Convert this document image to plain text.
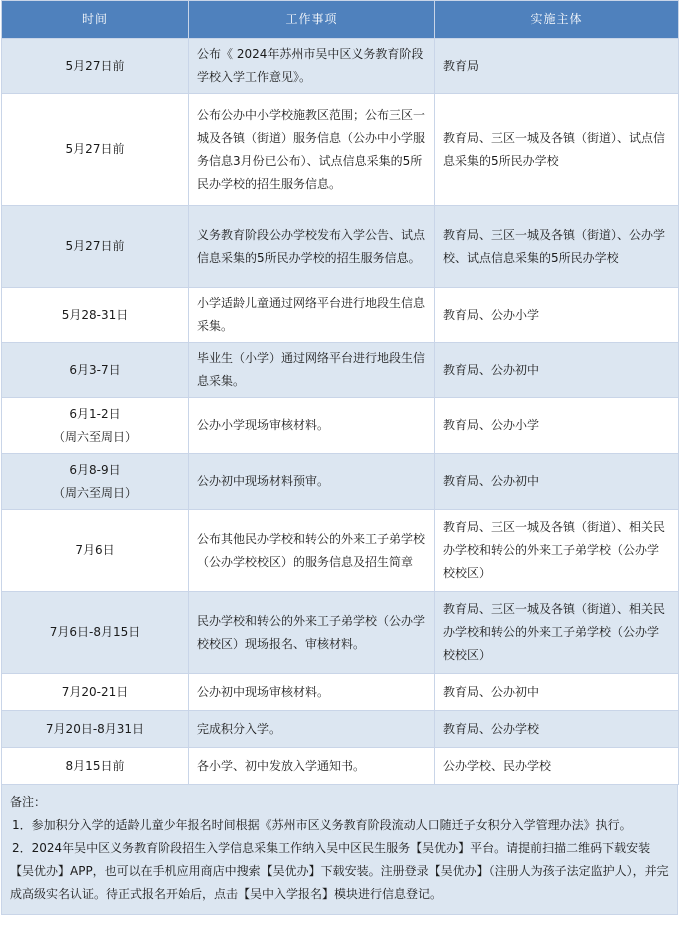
时间	工作事项	实施主体

5月27日前	公布《 2024年苏州市吴中区义务教育阶段学校入学工作意见》。	教育局

5月27日前	公布公办中小学校施教区范围；公布三区一城及各镇（街道）服务信息（公办中小学服务信息3月份已公布）、试点信息采集的5所民办学校的招生服务信息。	教育局、三区一城及各镇（街道）、试点信息采集的5所民办学校

5月27日前	义务教育阶段公办学校发布入学公告、试点信息采集的5所民办学校的招生服务信息。	教育局、三区一城及各镇（街道）、公办学校、试点信息采集的5所民办学校

5月28-31日	小学适龄儿童通过网络平台进行地段生信息采集。	教育局、公办小学

6月3-7日	毕业生（小学）通过网络平台进行地段生信息采集。	教育局、公办初中

6月1-2日
（周六至周日）	公办小学现场审核材料。	教育局、公办小学

6月8-9日
（周六至周日）	公办初中现场材料预审。	教育局、公办初中

7月6日	公布其他民办学校和转公的外来工子弟学校（公办学校校区）的服务信息及招生简章	教育局、三区一城及各镇（街道）、相关民办学校和转公的外来工子弟学校（公办学校校区）

7月6日-8月15日	民办学校和转公的外来工子弟学校（公办学校校区）现场报名、审核材料。	教育局、三区一城及各镇（街道）、相关民办学校和转公的外来工子弟学校（公办学校校区）

7月20-21日	公办初中现场审核材料。	教育局、公办初中

7月20日-8月31日	完成积分入学。	教育局、公办学校

8月15日前	各小学、初中发放入学通知书。	公办学校、民办学校

备注：

1．参加积分入学的适龄儿童少年报名时间根据《苏州市区义务教育阶段流动人口随迁子女积分入学管理办法》执行。

2．2024年吴中区义务教育阶段招生入学信息采集工作纳入吴中区民生服务【吴优办】平台。请提前扫描二维码下载安装【吴优办】APP，也可以在手机应用商店中搜索【吴优办】下载安装。注册登录【吴优办】（注册人为孩子法定监护人），并完成高级实名认证。待正式报名开始后，点击【吴中入学报名】模块进行信息登记。
